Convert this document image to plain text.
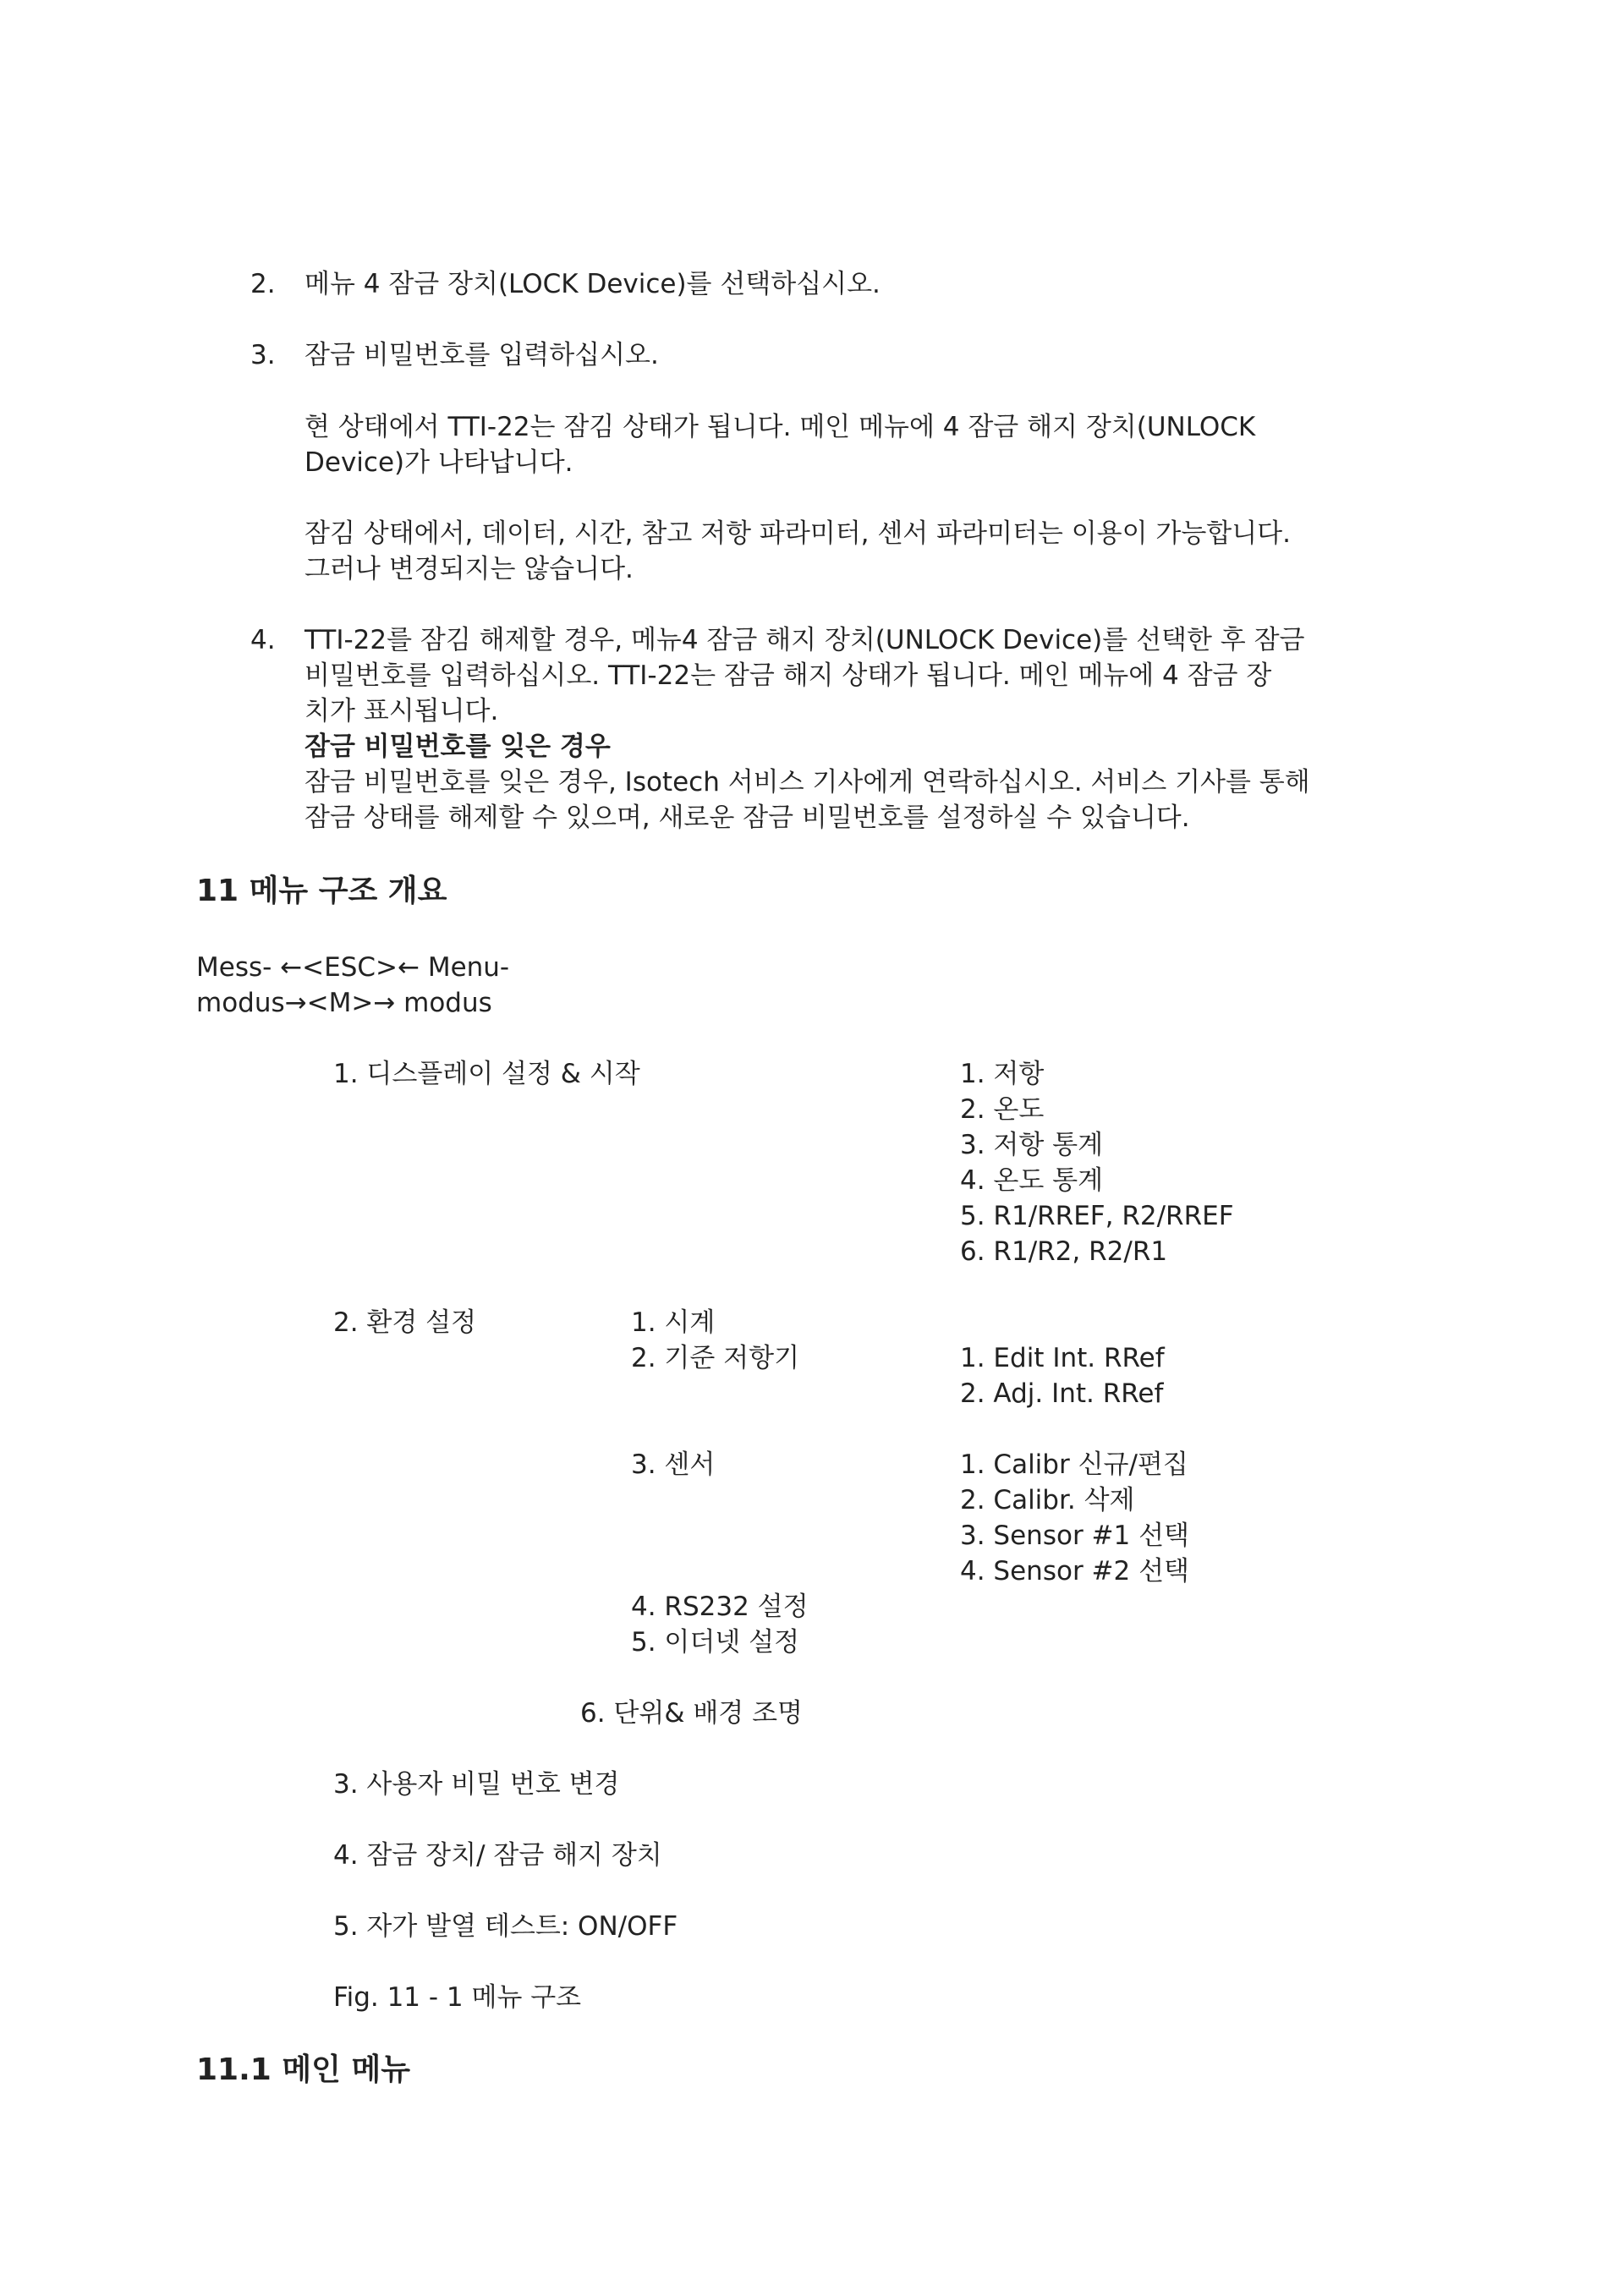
2. 메뉴 4 잠금 장치(LOCK Device)를 선택하십시오.
3. 잠금 비밀번호를 입력하십시오.
현 상태에서 TTI-22는 잠김 상태가 됩니다. 메인 메뉴에 4 잠금 해지 장치(UNLOCK
Device)가 나타납니다.
잠김 상태에서, 데이터, 시간, 참고 저항 파라미터, 센서 파라미터는 이용이 가능합니다.
그러나 변경되지는 않습니다.
4. TTI-22를 잠김 해제할 경우, 메뉴4 잠금 해지 장치(UNLOCK Device)를 선택한 후 잠금
비밀번호를 입력하십시오. TTI-22는 잠금 해지 상태가 됩니다. 메인 메뉴에 4 잠금 장
치가 표시됩니다.
잠금 비밀번호를 잊은 경우
잠금 비밀번호를 잊은 경우, Isotech 서비스 기사에게 연락하십시오. 서비스 기사를 통해
잠금 상태를 해제할 수 있으며, 새로운 잠금 비밀번호를 설정하실 수 있습니다.
11 메뉴 구조 개요
Mess- ←<ESC>← Menu-
modus→<M>→ modus
1. 디스플레이 설정 & 시작	1. 저항
2. 온도
3. 저항 통계
4. 온도 통계
5. R1/RREF, R2/RREF
6. R1/R2, R2/R1
2. 환경 설정	1. 시계
2. 기준 저항기	1. Edit Int. RRef
2. Adj. Int. RRef
3. 센서	1. Calibr 신규/편집
2. Calibr. 삭제
3. Sensor #1 선택
4. Sensor #2 선택
4. RS232 설정
5. 이더넷 설정
6. 단위& 배경 조명
3. 사용자 비밀 번호 변경
4. 잠금 장치/ 잠금 해지 장치
5. 자가 발열 테스트: ON/OFF
Fig. 11 - 1 메뉴 구조
11.1 메인 메뉴
